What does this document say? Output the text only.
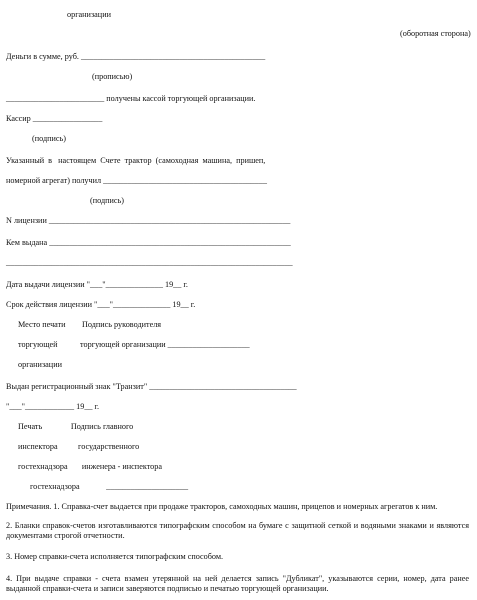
организации
(оборотная сторона)
Деньги в сумме, руб. _____________________________________________
(прописью)
________________________ получены кассой торгующей организации.
Кассир _________________
(подпись)
Указанный  в   настоящем  Счете  трактор  (самоходная  машина,  пришеп,
номерной агрегат) получил ________________________________________
(подпись)
N лицензии ___________________________________________________________
Кем выдана ___________________________________________________________
______________________________________________________________________
Дата выдачи лицензии "___"______________ 19__ г.
Срок действия лицензии "___"______________ 19__ г.
Место печати        Подпись руководителя
торгующей           торгующей организации ____________________
организации
Выдан регистрационный знак "Транзит" ____________________________________
"___"____________ 19__ г.
Печать              Подпись главного
инспектора          государственного
гостехнадзора       инженера - инспектора
гостехнадзора             ____________________
Примечания. 1. Справка-счет выдается при продаже тракторов, самоходных машин, прицепов и номерных агрегатов к ним.
2. Бланки справок-счетов изготавливаются типографским способом на бумаге с защитной сеткой и водяными знаками и являются документами строгой отчетности.
3. Номер справки-счета исполняется типографским способом.
4. При выдаче справки - счета взамен утерянной на ней делается запись "Дубликат", указываются серии, номер, дата ранее выданной справки-счета и записи заверяются подписью и печатью торгующей организации.
